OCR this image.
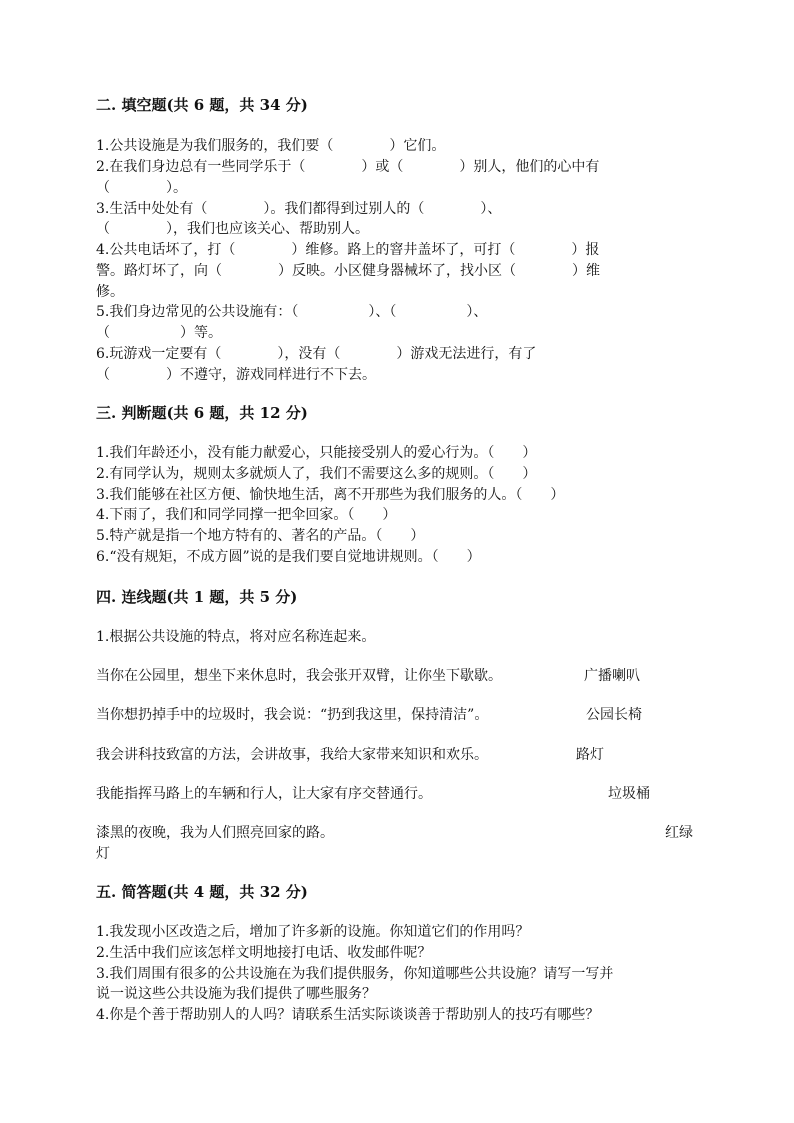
二. 填空题(共 6 题，共 34 分)
1.公共设施是为我们服务的，我们要（　　　　）它们。
2.在我们身边总有一些同学乐于（　　　　）或（　　　　）别人，他们的心中有
（　　　　）。
3.生活中处处有（　　　　）。我们都得到过别人的（　　　　）、
（　　　　），我们也应该关心、帮助别人。
4.公共电话坏了，打（　　　　）维修。路上的窨井盖坏了，可打（　　　　）报
警。路灯坏了，向（　　　　）反映。小区健身器械坏了，找小区（　　　　）维
修。
5.我们身边常见的公共设施有：（　　　　　）、（　　　　　）、
（　　　　　）等。
6.玩游戏一定要有（　　　　），没有（　　　　）游戏无法进行，有了
（　　　　）不遵守，游戏同样进行不下去。
三. 判断题(共 6 题，共 12 分)
1.我们年龄还小，没有能力献爱心，只能接受别人的爱心行为。（　　）
2.有同学认为，规则太多就烦人了，我们不需要这么多的规则。（　　）
3.我们能够在社区方便、愉快地生活，离不开那些为我们服务的人。（　　）
4.下雨了，我们和同学同撑一把伞回家。（　　）
5.特产就是指一个地方特有的、著名的产品。（　　）
6.“没有规矩，不成方圆”说的是我们要自觉地讲规则。（　　）
四. 连线题(共 1 题，共 5 分)
1.根据公共设施的特点，将对应名称连起来。
当你在公园里，想坐下来休息时，我会张开双臂，让你坐下歇歇。	广播喇叭
当你想扔掉手中的垃圾时，我会说：“扔到我这里，保持清洁”。	公园长椅
我会讲科技致富的方法，会讲故事，我给大家带来知识和欢乐。	路灯
我能指挥马路上的车辆和行人，让大家有序交替通行。	垃圾桶
漆黑的夜晚，我为人们照亮回家的路。	红绿
灯
五. 简答题(共 4 题，共 32 分)
1.我发现小区改造之后，增加了许多新的设施。你知道它们的作用吗？
2.生活中我们应该怎样文明地接打电话、收发邮件呢？
3.我们周围有很多的公共设施在为我们提供服务，你知道哪些公共设施？请写一写并
说一说这些公共设施为我们提供了哪些服务？
4.你是个善于帮助别人的人吗？请联系生活实际谈谈善于帮助别人的技巧有哪些？
